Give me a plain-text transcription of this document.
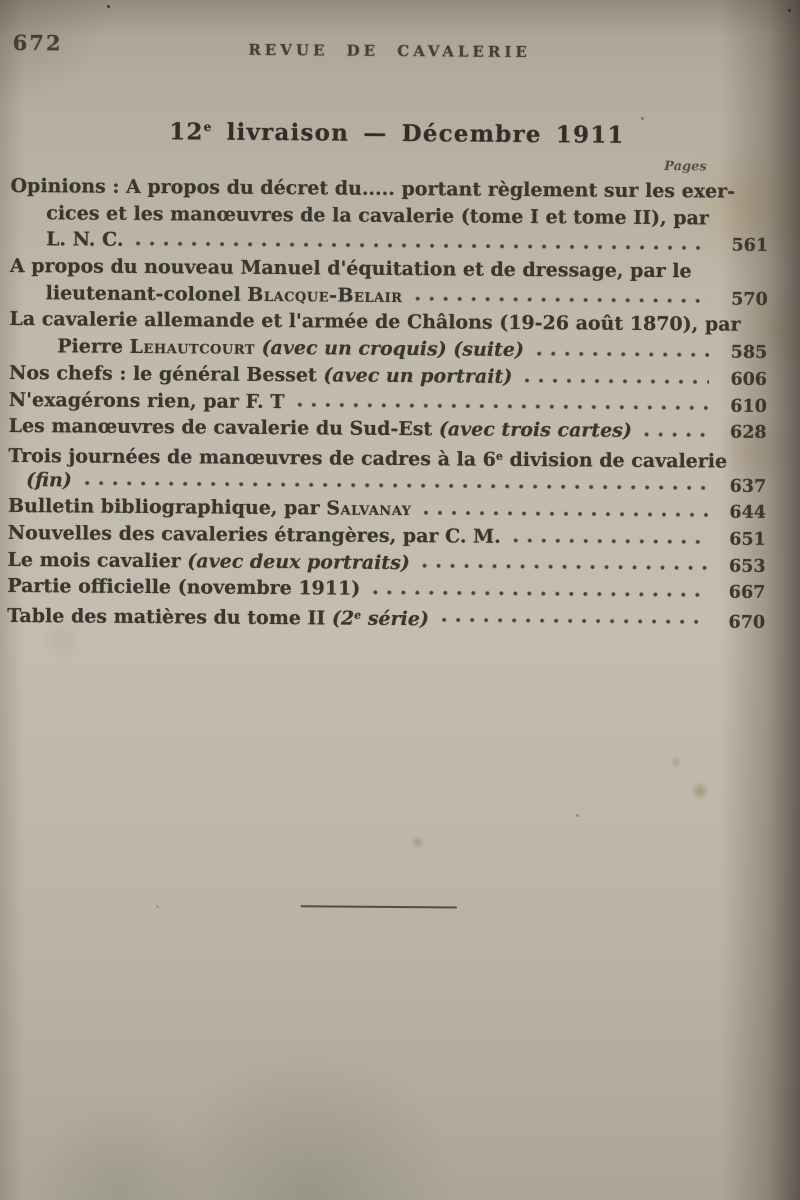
672	REVUE DE CAVALERIE
12e livraison — Décembre 1911
Pages
Opinions : A propos du décret du..... portant règlement sur les exer-
cices et les manœuvres de la cavalerie (tome I et tome II), par
L. N. C.	561
A propos du nouveau Manuel d'équitation et de dressage, par le
lieutenant-colonel Blacque-Belair	570
La cavalerie allemande et l'armée de Châlons (19-26 août 1870), par
Pierre Lehautcourt (avec un croquis) (suite)	585
Nos chefs : le général Besset (avec un portrait)	606
N'exagérons rien, par F. T	610
Les manœuvres de cavalerie du Sud-Est (avec trois cartes)	628
Trois journées de manœuvres de cadres à la 6e division de cavalerie
(fin)	637
Bulletin bibliographique, par Salvanay	644
Nouvelles des cavaleries étrangères, par C. M.	651
Le mois cavalier (avec deux portraits)	653
Partie officielle (novembre 1911)	667
Table des matières du tome II (2e série)	670
